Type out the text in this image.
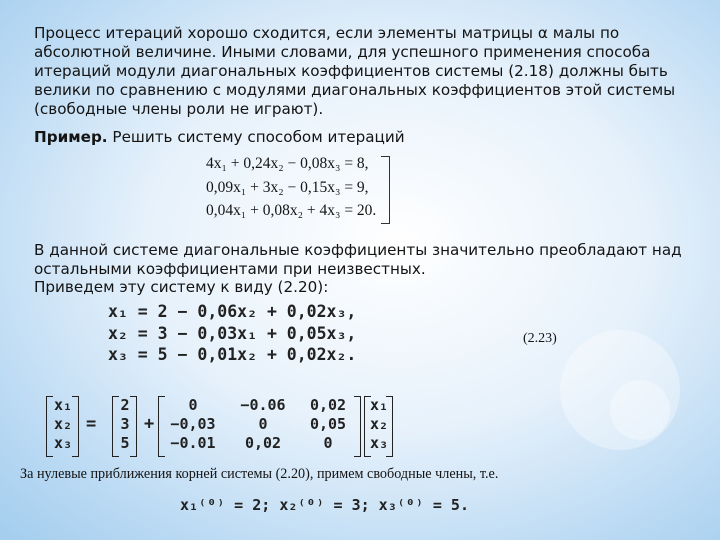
Процесс итераций хорошо сходится, если элементы матрицы α малы по абсолютной величине. Иными словами, для успешного применения способа итераций модули диагональных коэффициентов системы (2.18) должны быть велики по сравнению с модулями диагональных коэффициентов этой системы (свободные члены роли не играют).
Пример. Решить систему способом итераций
4x₁ + 0,24x₂ − 0,08x₃ = 8,
0,09x₁ + 3x₂ − 0,15x₃ = 9,
0,04x₁ + 0,08x₂ + 4x₃ = 20.
В данной системе диагональные коэффициенты значительно преобладают над
остальными коэффициентами при неизвестных.
Приведем эту систему к виду (2.20):
x₁ = 2 − 0,06x₂ + 0,02x₃,
x₂ = 3 − 0,03x₁ + 0,05x₃,
x₃ = 5 − 0,01x₂ + 0,02x₂.
(2.23)
x₁
x₂
x₃
=
2
3
5
+
0
−0,03
−0.01
−0.06
0
0,02
0,02
0,05
0
x₁
x₂
x₃
За нулевые приближения корней системы (2.20), примем свободные члены, т.е.
x₁⁽⁰⁾ = 2; x₂⁽⁰⁾ = 3; x₃⁽⁰⁾ = 5.
